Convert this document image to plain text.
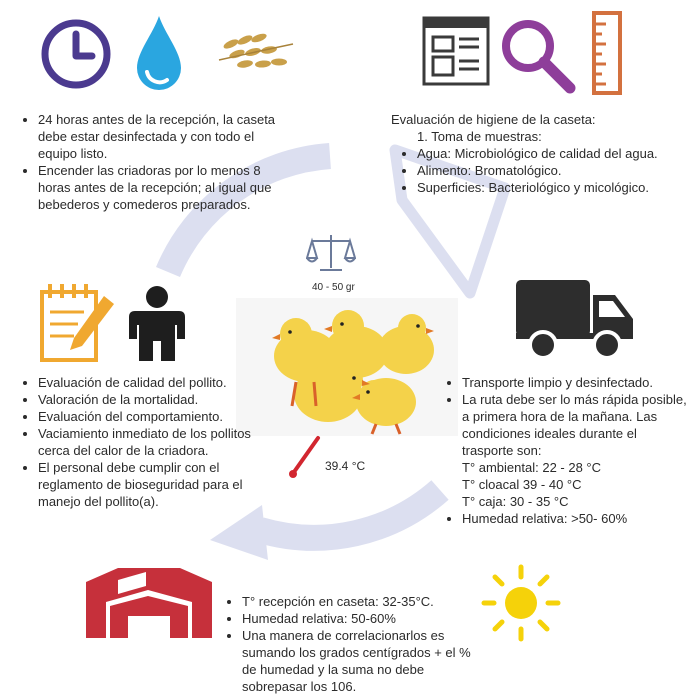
• 24 horas antes de la recepción, la caseta debe estar desinfectada y con todo el equipo listo.
• Encender las criadoras por lo menos 8 horas antes de la recepción; al igual que bebederos y comederos preparados.
Evaluación de higiene de la caseta:
1. Toma de muestras:
• Agua: Microbiológico de calidad del agua.
• Alimento: Bromatológico.
• Superficies: Bacteriológico y micológico.
40 - 50 gr
39.4 °C
• Evaluación de calidad del pollito.
• Valoración de la mortalidad.
• Evaluación del comportamiento.
• Vaciamiento inmediato de los pollitos cerca del calor de la criadora.
• El personal debe cumplir con el reglamento de bioseguridad para el manejo del pollito(a).
• Transporte limpio y desinfectado.
• La ruta debe ser lo más rápida posible, a primera hora de la mañana. Las condiciones ideales durante el trasporte son:
T° ambiental: 22 - 28 °C
T° cloacal 39 - 40 °C
T° caja: 30 - 35 °C
• Humedad relativa: >50- 60%
• T° recepción en caseta: 32-35°C.
• Humedad relativa: 50-60%
• Una manera de correlacionarlos es sumando los grados centígrados + el % de humedad y la suma no debe sobrepasar los 106.
